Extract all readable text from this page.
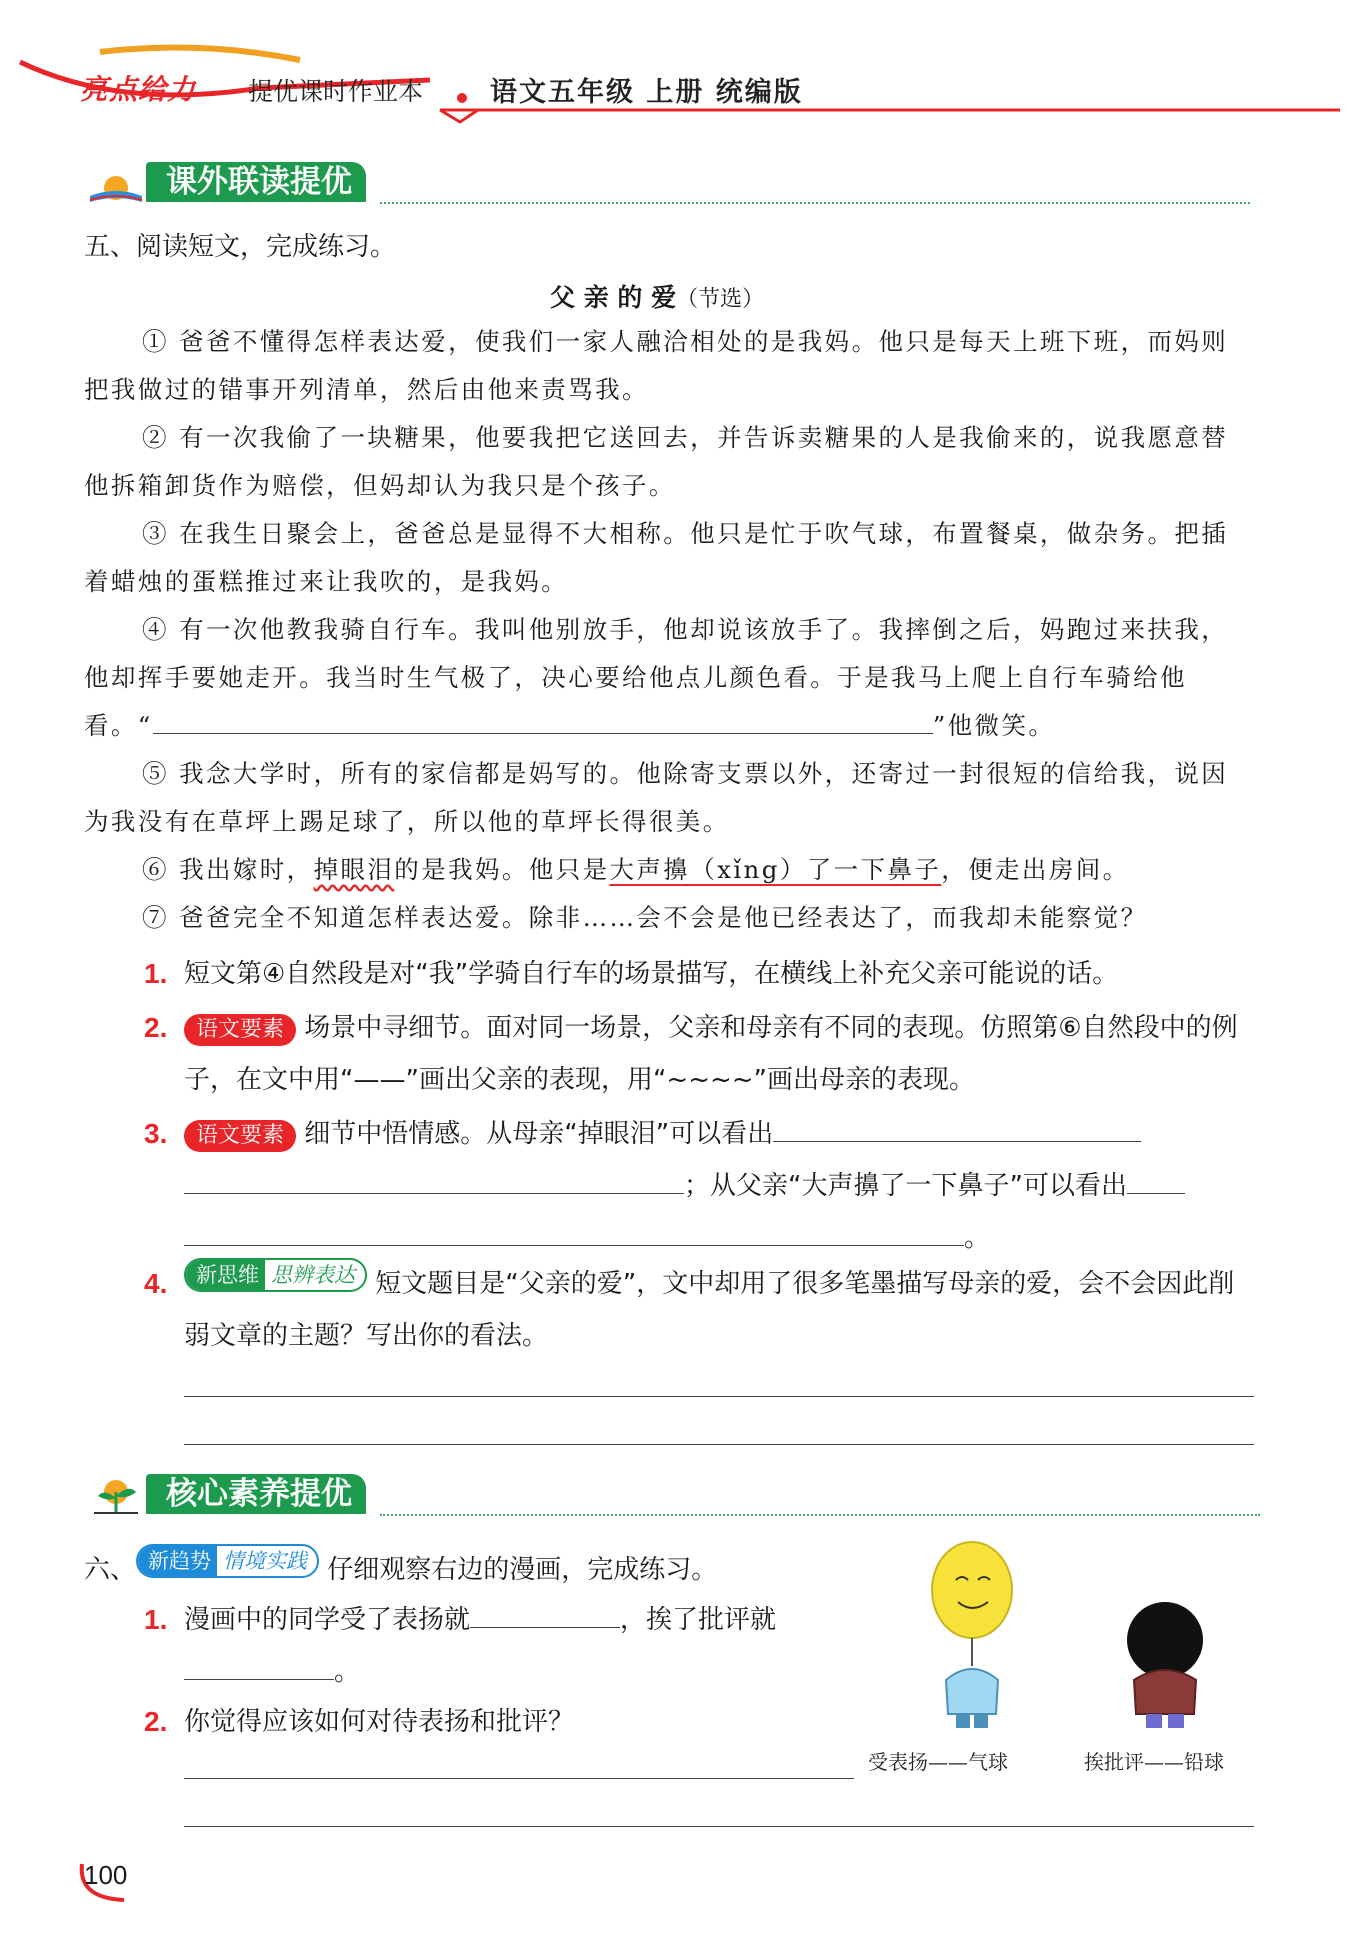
亮点给力 提优课时作业本 语文五年级 上册 统编版
课外联读提优
五、阅读短文，完成练习。
父 亲 的 爱（节选）
① 爸爸不懂得怎样表达爱，使我们一家人融洽相处的是我妈。他只是每天上班下班，而妈则把我做过的错事开列清单，然后由他来责骂我。
② 有一次我偷了一块糖果，他要我把它送回去，并告诉卖糖果的人是我偷来的，说我愿意替他拆箱卸货作为赔偿，但妈却认为我只是个孩子。
③ 在我生日聚会上，爸爸总是显得不大相称。他只是忙于吹气球，布置餐桌，做杂务。把插着蜡烛的蛋糕推过来让我吹的，是我妈。
④ 有一次他教我骑自行车。我叫他别放手，他却说该放手了。我摔倒之后，妈跑过来扶我，他却挥手要她走开。我当时生气极了，决心要给他点儿颜色看。于是我马上爬上自行车骑给他看。“	”他微笑。
⑤ 我念大学时，所有的家信都是妈写的。他除寄支票以外，还寄过一封很短的信给我，说因为我没有在草坪上踢足球了，所以他的草坪长得很美。
⑥ 我出嫁时，掉眼泪的是我妈。他只是大声擤（xǐng）了一下鼻子，便走出房间。
⑦ 爸爸完全不知道怎样表达爱。除非……会不会是他已经表达了，而我却未能察觉？
1. 短文第④自然段是对“我”学骑自行车的场景描写，在横线上补充父亲可能说的话。
2.	语文要素 场景中寻细节。面对同一场景，父亲和母亲有不同的表现。仿照第⑥自然段中的例子，在文中用“——”画出父亲的表现，用“~~~~”画出母亲的表现。
3.	语文要素 细节中悟情感。从母亲“掉眼泪”可以看出
；从父亲“大声擤了一下鼻子”可以看出
。
4.	新思维 思辨表达 短文题目是“父亲的爱”，文中却用了很多笔墨描写母亲的爱，会不会因此削弱文章的主题？写出你的看法。
核心素养提优
六、 新趋势 情境实践 仔细观察右边的漫画，完成练习。
1. 漫画中的同学受了表扬就	，挨了批评就
。
2. 你觉得应该如何对待表扬和批评？
受表扬——气球	挨批评——铅球
100
